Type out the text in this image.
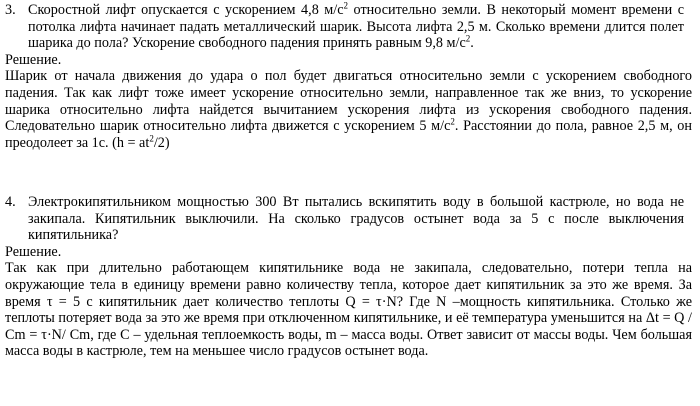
3. Скоростной лифт опускается с ускорением 4,8 $м/с^2$ относительно земли. В некоторый момент времени с потолка лифта начинает падать металлический шарик. Высота лифта 2,5 м. Сколько времени длится полет шарика до пола? Ускорение свободного падения принять равным 9,8 $м/с^2$.
Решение.
Шарик от начала движения до удара о пол будет двигаться относительно земли с ускорением свободного падения. Так как лифт тоже имеет ускорение относительно земли, направленное так же вниз, то ускорение шарика относительно лифта найдется вычитанием ускорения лифта из ускорения свободного падения. Следовательно шарик относительно лифта движется с ускорением 5 $м/с^2$. Расстоянии до пола, равное 2,5 м, он преодолеет за 1с. $(h = at^2/2)$
4. Электрокипятильником мощностью 300 Вт пытались вскипятить воду в большой кастрюле, но вода не закипала. Кипятильник выключили. На сколько градусов остынет вода за 5 с после выключения кипятильника?
Решение.
Так как при длительно работающем кипятильнике вода не закипала, следовательно, потери тепла на окружающие тела в единицу времени равно количеству тепла, которое дает кипятильник за это же время. За время τ = 5 с кипятильник дает количество теплоты Q = τ·N? Где N –мощность кипятильника. Столько же теплоты потеряет вода за это же время при отключенном кипятильнике, и её температура уменьшится на Δt = Q / Cm = τ·N/ Cm, где С – удельная теплоемкость воды, m – масса воды. Ответ зависит от массы воды. Чем большая масса воды в кастрюле, тем на меньшее число градусов остынет вода.
